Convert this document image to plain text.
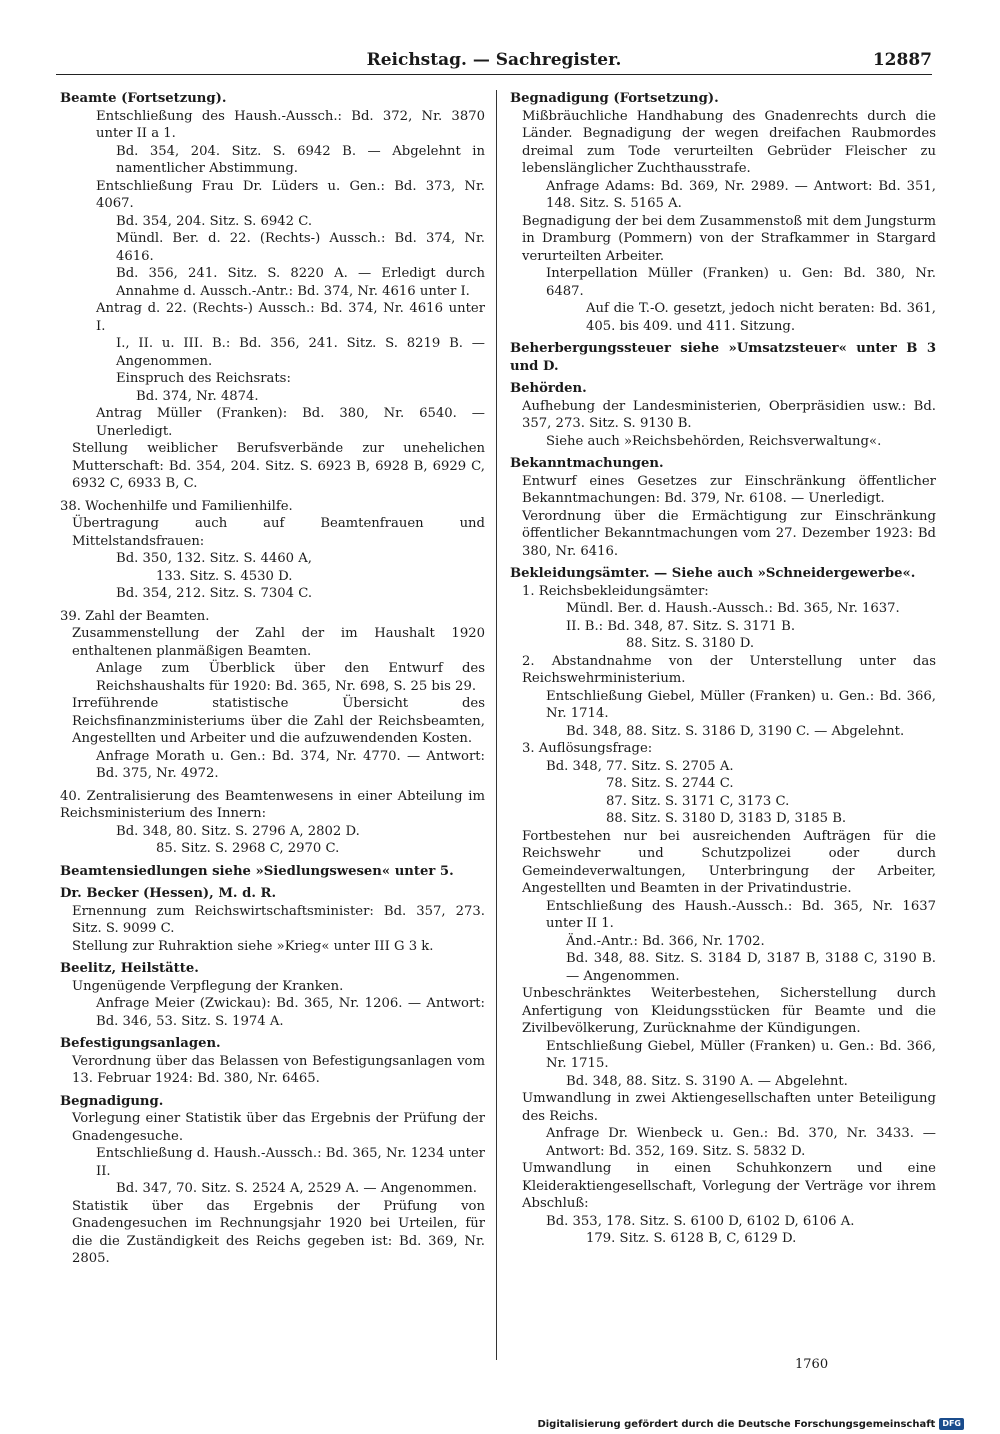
Reichstag. — Sachregister.	12887

Beamte (Fortsetzung).

Entschließung des Haush.-Aussch.: Bd. 372, Nr. 3870 unter II a 1.

Bd. 354, 204. Sitz. S. 6942 B. — Abgelehnt in namentlicher Abstimmung.

Entschließung Frau Dr. Lüders u. Gen.: Bd. 373, Nr. 4067.

Bd. 354, 204. Sitz. S. 6942 C.

Mündl. Ber. d. 22. (Rechts-) Aussch.: Bd. 374, Nr. 4616.

Bd. 356, 241. Sitz. S. 8220 A. — Erledigt durch Annahme d. Aussch.-Antr.: Bd. 374, Nr. 4616 unter I.

Antrag d. 22. (Rechts-) Aussch.: Bd. 374, Nr. 4616 unter I.

I., II. u. III. B.: Bd. 356, 241. Sitz. S. 8219 B. — Angenommen.

Einspruch des Reichsrats:

Bd. 374, Nr. 4874.

Antrag Müller (Franken): Bd. 380, Nr. 6540. — Unerledigt.

Stellung weiblicher Berufsverbände zur unehelichen Mutterschaft: Bd. 354, 204. Sitz. S. 6923 B, 6928 B, 6929 C, 6932 C, 6933 B, C.

38. Wochenhilfe und Familienhilfe.

Übertragung auch auf Beamtenfrauen und Mittelstandsfrauen:

Bd. 350, 132. Sitz. S. 4460 A,

133. Sitz. S. 4530 D.

Bd. 354, 212. Sitz. S. 7304 C.

39. Zahl der Beamten.

Zusammenstellung der Zahl der im Haushalt 1920 enthaltenen planmäßigen Beamten.

Anlage zum Überblick über den Entwurf des Reichshaushalts für 1920: Bd. 365, Nr. 698, S. 25 bis 29.

Irreführende statistische Übersicht des Reichsfinanzministeriums über die Zahl der Reichsbeamten, Angestellten und Arbeiter und die aufzuwendenden Kosten.

Anfrage Morath u. Gen.: Bd. 374, Nr. 4770. — Antwort: Bd. 375, Nr. 4972.

40. Zentralisierung des Beamtenwesens in einer Abteilung im Reichsministerium des Innern:

Bd. 348, 80. Sitz. S. 2796 A, 2802 D.

85. Sitz. S. 2968 C, 2970 C.

Beamtensiedlungen siehe »Siedlungswesen« unter 5.

Dr. Becker (Hessen), M. d. R.

Ernennung zum Reichswirtschaftsminister: Bd. 357, 273. Sitz. S. 9099 C.

Stellung zur Ruhraktion siehe »Krieg« unter III G 3 k.

Beelitz, Heilstätte.

Ungenügende Verpflegung der Kranken.

Anfrage Meier (Zwickau): Bd. 365, Nr. 1206. — Antwort: Bd. 346, 53. Sitz. S. 1974 A.

Befestigungsanlagen.

Verordnung über das Belassen von Befestigungsanlagen vom 13. Februar 1924: Bd. 380, Nr. 6465.

Begnadigung.

Vorlegung einer Statistik über das Ergebnis der Prüfung der Gnadengesuche.

Entschließung d. Haush.-Aussch.: Bd. 365, Nr. 1234 unter II.

Bd. 347, 70. Sitz. S. 2524 A, 2529 A. — Angenommen.

Statistik über das Ergebnis der Prüfung von Gnadengesuchen im Rechnungsjahr 1920 bei Urteilen, für die die Zuständigkeit des Reichs gegeben ist: Bd. 369, Nr. 2805.

Begnadigung (Fortsetzung).

Mißbräuchliche Handhabung des Gnadenrechts durch die Länder. Begnadigung der wegen dreifachen Raubmordes dreimal zum Tode verurteilten Gebrüder Fleischer zu lebenslänglicher Zuchthausstrafe.

Anfrage Adams: Bd. 369, Nr. 2989. — Antwort: Bd. 351, 148. Sitz. S. 5165 A.

Begnadigung der bei dem Zusammenstoß mit dem Jungsturm in Dramburg (Pommern) von der Strafkammer in Stargard verurteilten Arbeiter.

Interpellation Müller (Franken) u. Gen: Bd. 380, Nr. 6487.

Auf die T.-O. gesetzt, jedoch nicht beraten: Bd. 361, 405. bis 409. und 411. Sitzung.

Beherbergungssteuer siehe »Umsatzsteuer« unter B 3 und D.

Behörden.

Aufhebung der Landesministerien, Oberpräsidien usw.: Bd. 357, 273. Sitz. S. 9130 B.

Siehe auch »Reichsbehörden, Reichsverwaltung«.

Bekanntmachungen.

Entwurf eines Gesetzes zur Einschränkung öffentlicher Bekanntmachungen: Bd. 379, Nr. 6108. — Unerledigt.

Verordnung über die Ermächtigung zur Einschränkung öffentlicher Bekanntmachungen vom 27. Dezember 1923: Bd 380, Nr. 6416.

Bekleidungsämter. — Siehe auch »Schneidergewerbe«.

1. Reichsbekleidungsämter:

Mündl. Ber. d. Haush.-Aussch.: Bd. 365, Nr. 1637.

II. B.: Bd. 348, 87. Sitz. S. 3171 B.

88. Sitz. S. 3180 D.

2. Abstandnahme von der Unterstellung unter das Reichswehrministerium.

Entschließung Giebel, Müller (Franken) u. Gen.: Bd. 366, Nr. 1714.

Bd. 348, 88. Sitz. S. 3186 D, 3190 C. — Abgelehnt.

3. Auflösungsfrage:

Bd. 348, 77. Sitz. S. 2705 A.

78. Sitz. S. 2744 C.

87. Sitz. S. 3171 C, 3173 C.

88. Sitz. S. 3180 D, 3183 D, 3185 B.

Fortbestehen nur bei ausreichenden Aufträgen für die Reichswehr und Schutzpolizei oder durch Gemeindeverwaltungen, Unterbringung der Arbeiter, Angestellten und Beamten in der Privatindustrie.

Entschließung des Haush.-Aussch.: Bd. 365, Nr. 1637 unter II 1.

Änd.-Antr.: Bd. 366, Nr. 1702.

Bd. 348, 88. Sitz. S. 3184 D, 3187 B, 3188 C, 3190 B. — Angenommen.

Unbeschränktes Weiterbestehen, Sicherstellung durch Anfertigung von Kleidungsstücken für Beamte und die Zivilbevölkerung, Zurücknahme der Kündigungen.

Entschließung Giebel, Müller (Franken) u. Gen.: Bd. 366, Nr. 1715.

Bd. 348, 88. Sitz. S. 3190 A. — Abgelehnt.

Umwandlung in zwei Aktiengesellschaften unter Beteiligung des Reichs.

Anfrage Dr. Wienbeck u. Gen.: Bd. 370, Nr. 3433. — Antwort: Bd. 352, 169. Sitz. S. 5832 D.

Umwandlung in einen Schuhkonzern und eine Kleideraktiengesellschaft, Vorlegung der Verträge vor ihrem Abschluß:

Bd. 353, 178. Sitz. S. 6100 D, 6102 D, 6106 A.

179. Sitz. S. 6128 B, C, 6129 D.

1760
Digitalisierung gefördert durch die Deutsche Forschungsgemeinschaft DFG
